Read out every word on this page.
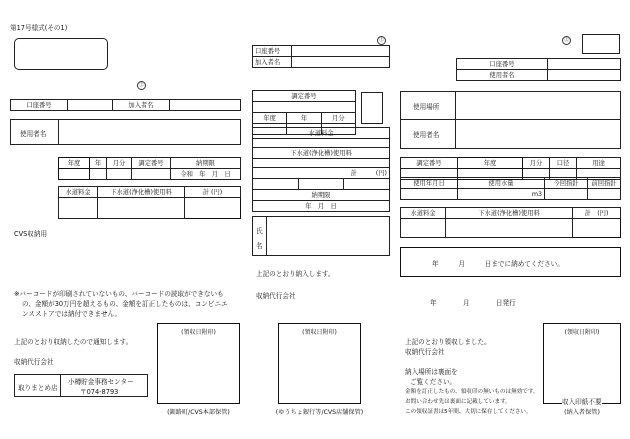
第17号様式(その1)
㊤
口座番号		加入者名	
使用者名
年度	年	月分	調定番号	納期限
				令和　年　月　日
水道料金	下水道(浄化槽)使用料	計 (円)

CVS収納用
※バーコードが印刷されていないもの、バーコードの読取ができないも
の、金額が30万円を超えるもの、金額を訂正したものは、コンビニエ
ンスストアでは納付できません。
上記のとおり収納したので通知します。
収納代行会社
取りまとめ店
小樽貯金事務センター
〒074-8793
(領収日附印)
(釧路町/CVS本部保管)
㊤
口座番号	
加入者名	
調定番号		

年度	年	月分

水道料金

下水道(浄化槽)使用料

計　　　(円)

納期限
年　月　日
氏
名
上記のとおり納入します。
収納代行会社
(領収日附印)
(ゆうちょ銀行等/CVS店舗保管)
㊤
口座番号	
使用者名	
使用場所
使用者名
調定番号	年度	月分	口径	用途

使用年月日	使用水量	今回指針	前回指針
	m3		
水道料金	下水道(浄化槽)使用料	計　(円)

年　　　月　　　日までに納めてください。
年　　　　月　　　　日発行
上記のとおり領収しました。
収納代行会社
納入場所は裏面を
ご覧ください。
金額を訂正したもの、領収印の無いものは無効です。
お問い合わせ先は裏面に記載しています。
この領収証書は5年間、大切に保存してください。
(領収日附印)
収入印紙不要
(納入者保管)
